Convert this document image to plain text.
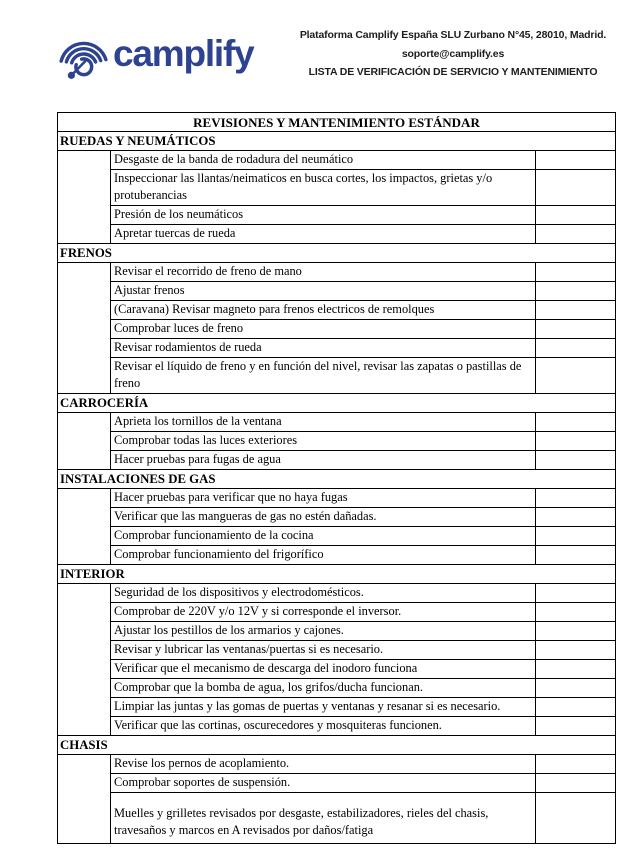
camplify	Plataforma Camplify España SLU Zurbano N°45, 28010, Madrid.
soporte@camplify.es
LISTA DE VERIFICACIÓN DE SERVICIO Y MANTENIMIENTO
REVISIONES Y MANTENIMIENTO ESTÁNDAR		
RUEDAS Y NEUMÁTICOS		
	Desgaste de la banda de rodadura del neumático	
	Inspeccionar las llantas/neimaticos en busca cortes, los impactos, grietas y/o protuberancias	
	Presión de los neumáticos	
	Apretar tuercas de rueda	
FRENOS		
	Revisar el recorrido de freno de mano	
	Ajustar frenos	
	(Caravana) Revisar magneto para frenos electricos de remolques	
	Comprobar luces de freno	
	Revisar rodamientos de rueda	
	Revisar el líquido de freno y en función del nivel, revisar las zapatas o pastillas de freno	
CARROCERÍA		
	Aprieta los tornillos de la ventana	
	Comprobar todas las luces exteriores	
	Hacer pruebas para fugas de agua	
INSTALACIONES DE GAS		
	Hacer pruebas para verificar que no haya fugas	
	Verificar que las mangueras de gas no estén dañadas.	
	Comprobar funcionamiento de la cocina	
	Comprobar funcionamiento del frigorífico	
INTERIOR		
	Seguridad de los dispositivos y electrodomésticos.	
	Comprobar de 220V y/o 12V y si corresponde el inversor.	
	Ajustar los pestillos de los armarios y cajones.	
	Revisar y lubricar las ventanas/puertas si es necesario.	
	Verificar que el mecanismo de descarga del inodoro funciona	
	Comprobar que la bomba de agua, los grifos/ducha funcionan.	
	Limpiar las juntas y las gomas de puertas y ventanas y resanar si es necesario.	
	Verificar que las cortinas, oscurecedores y mosquiteras funcionen.	
CHASIS		
	Revise los pernos de acoplamiento.	
	Comprobar soportes de suspensión.	
	Muelles y grilletes revisados por desgaste, estabilizadores, rieles del chasis, travesaños y marcos en A revisados por daños/fatiga	
